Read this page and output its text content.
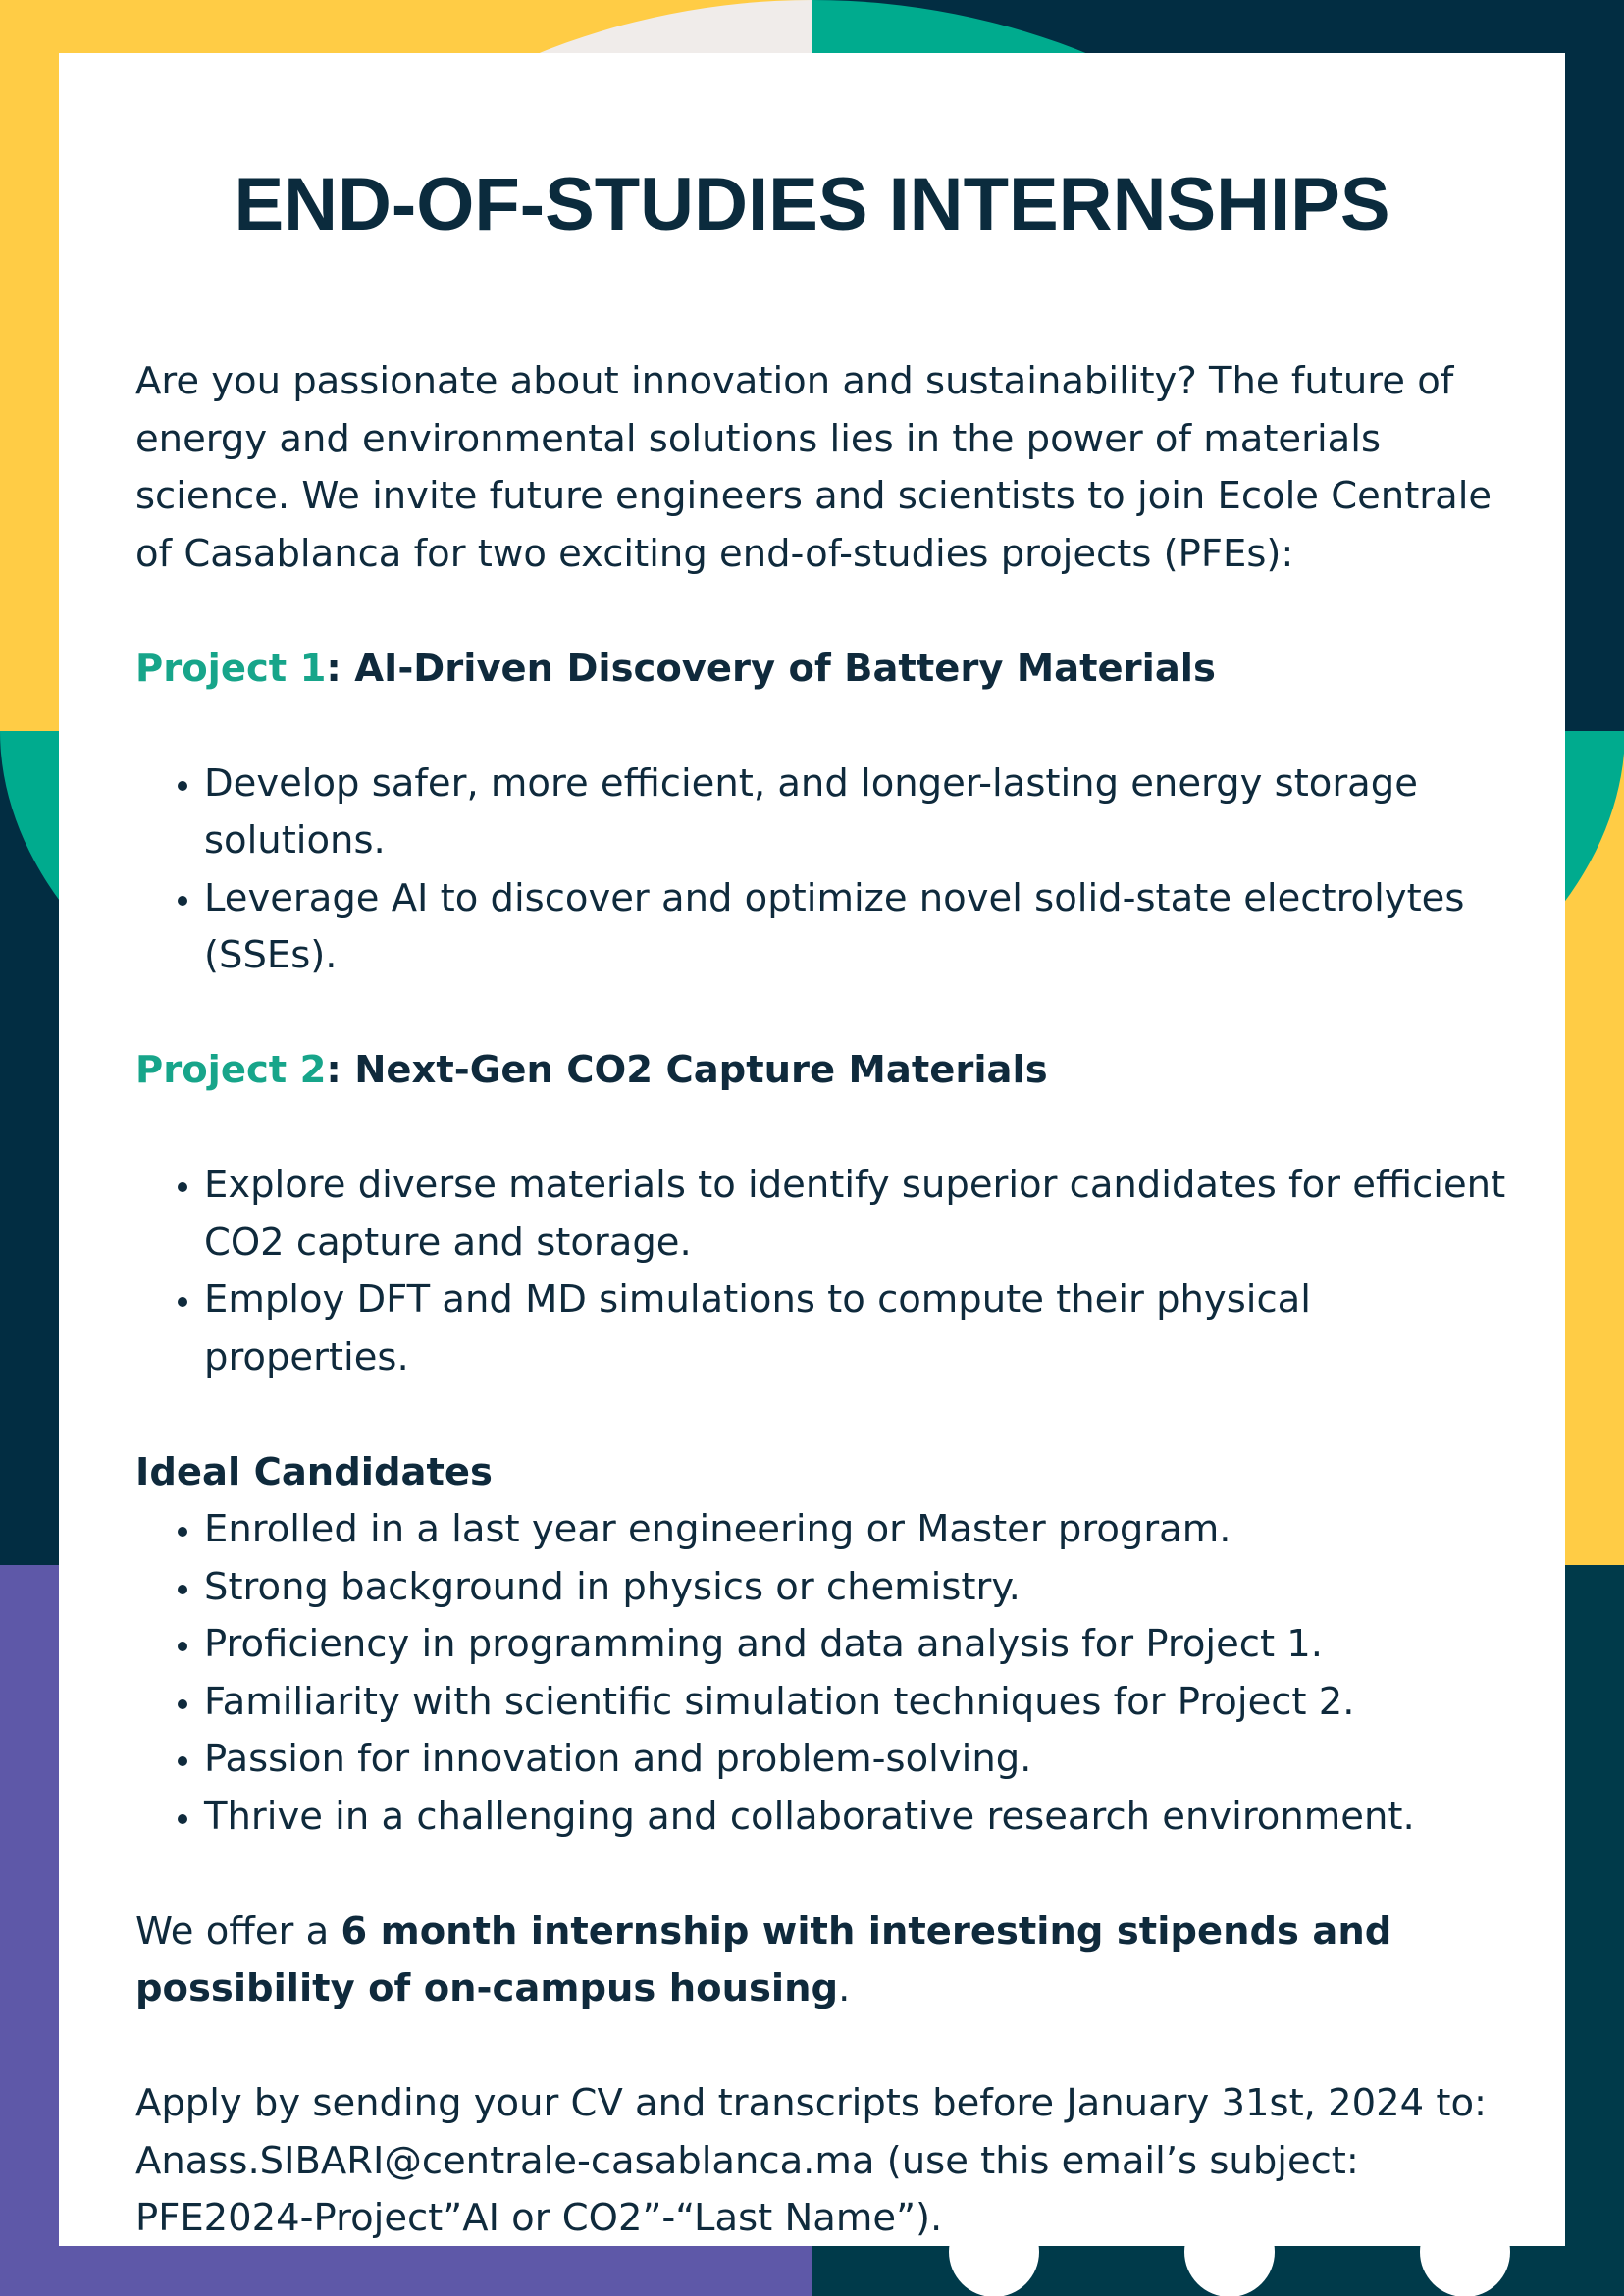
END-OF-STUDIES INTERNSHIPS

Are you passionate about innovation and sustainability? The future of energy and environmental solutions lies in the power of materials science. We invite future engineers and scientists to join Ecole Centrale of Casablanca for two exciting end-of-studies projects (PFEs):

Project 1: AI-Driven Discovery of Battery Materials

• Develop safer, more efficient, and longer-lasting energy storage solutions.
• Leverage AI to discover and optimize novel solid-state electrolytes (SSEs).

Project 2: Next-Gen CO2 Capture Materials

• Explore diverse materials to identify superior candidates for efficient CO2 capture and storage.
• Employ DFT and MD simulations to compute their physical properties.

Ideal Candidates

• Enrolled in a last year engineering or Master program.
• Strong background in physics or chemistry.
• Proficiency in programming and data analysis for Project 1.
• Familiarity with scientific simulation techniques for Project 2.
• Passion for innovation and problem-solving.
• Thrive in a challenging and collaborative research environment.

We offer a 6 month internship with interesting stipends and possibility of on-campus housing.

Apply by sending your CV and transcripts before January 31st, 2024 to:

Anass.SIBARI@centrale-casablanca.ma (use this email’s subject: PFE2024-Project”AI or CO2”-“Last Name”).
